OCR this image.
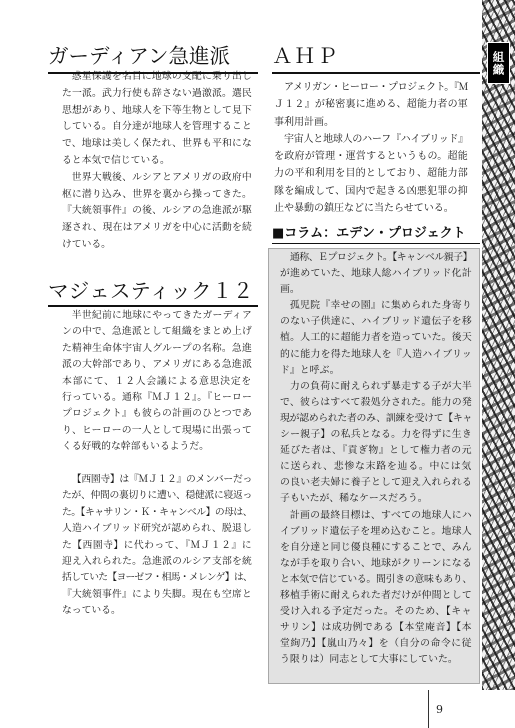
ガーディアン急進派
惑星保護を名目に地球の支配に乗り出し
た一派。武力行使も辞さない過激派。選民
思想があり、地球人を下等生物として見下
している。自分達が地球人を管理すること
で、地球は美しく保たれ、世界も平和にな
ると本気で信じている。
世界大戦後、ルシアとアメリガの政府中
枢に潜り込み、世界を裏から操ってきた。
『大統領事件』の後、ルシアの急進派が駆
逐され、現在はアメリガを中心に活動を続
けている。
マジェスティック１２
半世紀前に地球にやってきたガーディア
ンの中で、急進派として組織をまとめ上げ
た精神生命体宇宙人グループの名称。急進
派の大幹部であり、アメリガにある急進派
本部にて、１２人会議による意思決定を
行っている。通称『ＭＪ１２』。『ヒーロー
プロジェクト』も彼らの計画のひとつであ
り、ヒーローの一人として現場に出張って
くる好戦的な幹部もいるようだ。
【西園寺】は『ＭＪ１２』のメンバーだっ
たが、仲間の裏切りに遭い、穏健派に寝返っ
た。【キャサリン・Ｋ・キャンベル】の母は、
人造ハイブリッド研究が認められ、脱退し
た【西園寺】に代わって、『ＭＪ１２』に
迎え入れられた。急進派のルシア支部を統
括していた【ヨーゼフ・相馬・メレンゲ】は、
『大統領事件』により失脚。現在も空席と
なっている。
ＡＨＰ
アメリガン・ヒーロー・プロジェクト。『Ｍ
Ｊ１２』が秘密裏に進める、超能力者の軍
事利用計画。
宇宙人と地球人のハーフ『ハイブリッド』
を政府が管理・運営するというもの。超能
力の平和利用を目的としており、超能力部
隊を編成して、国内で起きる凶悪犯罪の抑
止や暴動の鎮圧などに当たらせている。
■コラム：エデン・プロジェクト
通称、Ｅプロジェクト。【キャンベル親子】
が進めていた、地球人総ハイブリッド化計
画。
孤児院『幸せの園』に集められた身寄り
のない子供達に、ハイブリッド遺伝子を移
植。人工的に超能力者を造っていた。後天
的に能力を得た地球人を『人造ハイブリッ
ド』と呼ぶ。
力の負荷に耐えられず暴走する子が大半
で、彼らはすべて殺処分された。能力の発
現が認められた者のみ、訓練を受けて【キャ
シー親子】の私兵となる。力を得ずに生き
延びた者は、『貢ぎ物』として権力者の元
に送られ、悲惨な末路を辿る。中には気
の良い老夫婦に養子として迎え入れられる
子もいたが、稀なケースだろう。
計画の最終目標は、すべての地球人にハ
イブリッド遺伝子を埋め込むこと。地球人
を自分達と同じ優良種にすることで、みん
なが手を取り合い、地球がクリーンになる
と本気で信じている。間引きの意味もあり、
移植手術に耐えられた者だけが仲間として
受け入れる予定だった。そのため、【キャ
サリン】は成功例である【本堂庵音】【本
堂絢乃】【嵐山乃々】を（自分の命令に従
う限りは）同志として大事にしていた。
組織
9
